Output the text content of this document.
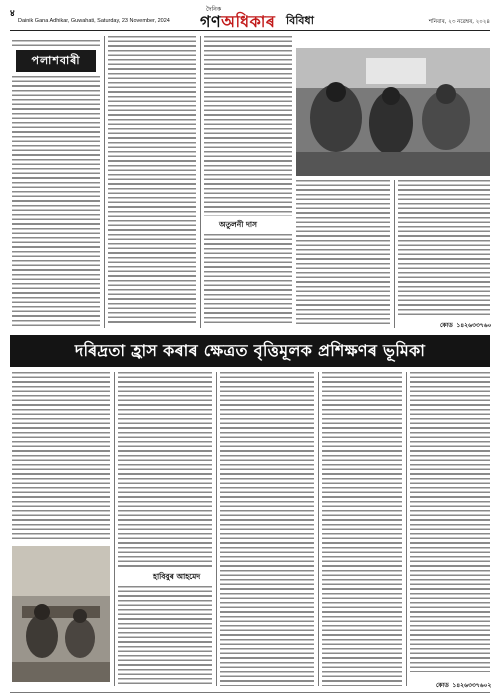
४
Dainik Gana Adhikar, Guwahati, Saturday, 23 November, 2024
দৈনিক
গণঅধিকাৰ বিবিধা	শনিবাৰ, ২৩ নৱেম্বৰ, ২০২৪
পলাশবাৰী
অতুলনী দাস
কোড ১৪২৬৩৩৭৬০
দৰিদ্ৰতা হ্ৰাস কৰাৰ ক্ষেত্ৰত বৃত্তিমূলক প্ৰশিক্ষণৰ ভূমিকা
হাবিবুৰ আহমেদ
কোড ১৪২৬৩৩৭৬০২
